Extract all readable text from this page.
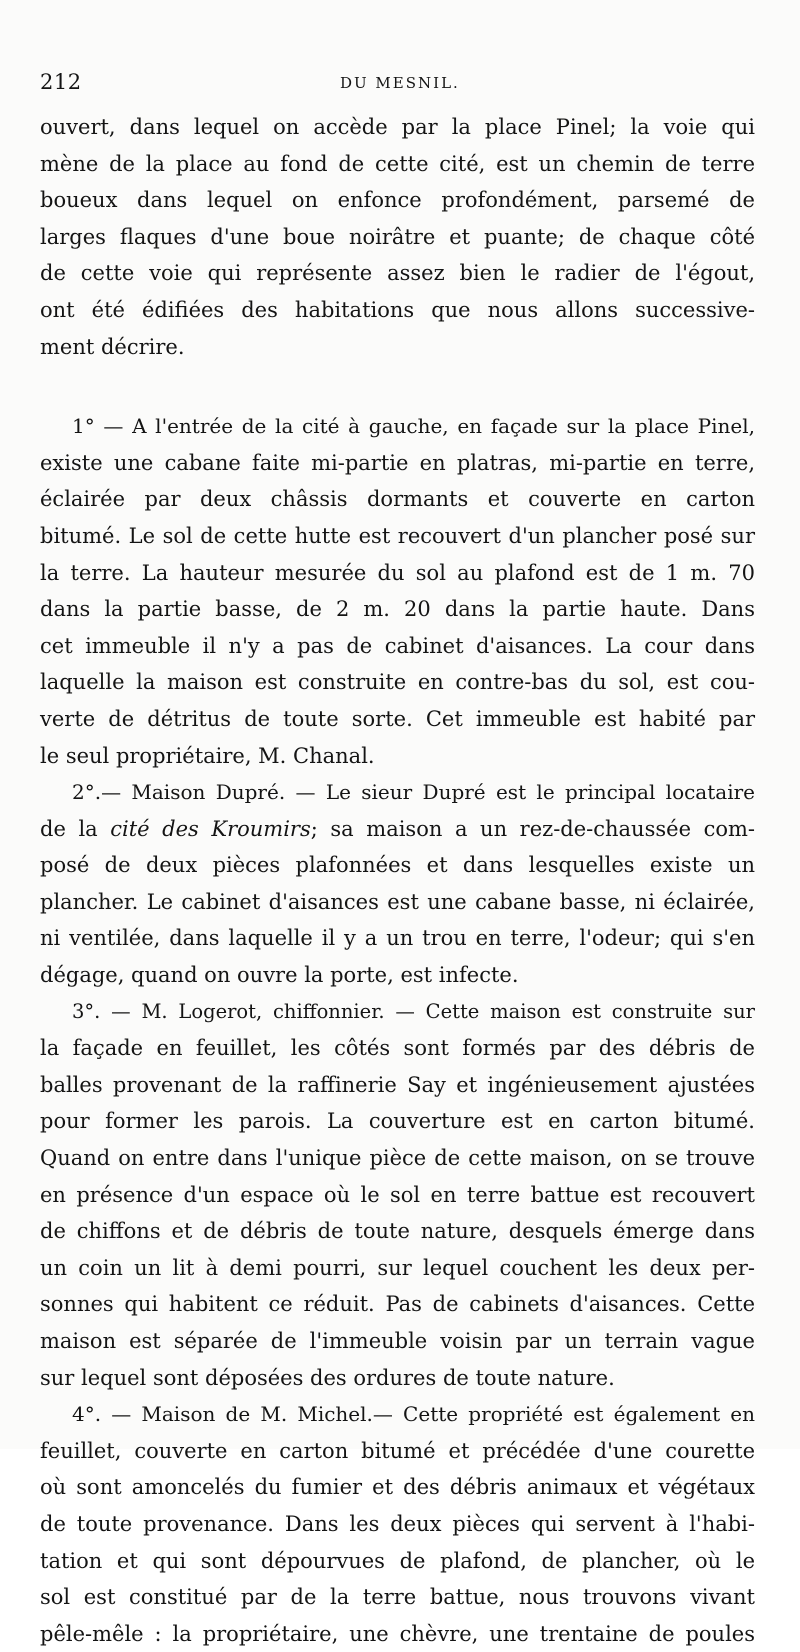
212	DU MESNIL.
ouvert, dans lequel on accède par la place Pinel; la voie qui
mène de la place au fond de cette cité, est un chemin de terre
boueux dans lequel on enfonce profondément, parsemé de
larges flaques d'une boue noirâtre et puante; de chaque côté
de cette voie qui représente assez bien le radier de l'égout,
ont été édifiées des habitations que nous allons successive-
ment décrire.
1° — A l'entrée de la cité à gauche, en façade sur la place Pinel,
existe une cabane faite mi-partie en platras, mi-partie en terre,
éclairée par deux châssis dormants et couverte en carton
bitumé. Le sol de cette hutte est recouvert d'un plancher posé sur
la terre. La hauteur mesurée du sol au plafond est de 1 m. 70
dans la partie basse, de 2 m. 20 dans la partie haute. Dans
cet immeuble il n'y a pas de cabinet d'aisances. La cour dans
laquelle la maison est construite en contre-bas du sol, est cou-
verte de détritus de toute sorte. Cet immeuble est habité par
le seul propriétaire, M. Chanal.
2°.— Maison Dupré. — Le sieur Dupré est le principal locataire
de la cité des Kroumirs; sa maison a un rez-de-chaussée com-
posé de deux pièces plafonnées et dans lesquelles existe un
plancher. Le cabinet d'aisances est une cabane basse, ni éclairée,
ni ventilée, dans laquelle il y a un trou en terre, l'odeur; qui s'en
dégage, quand on ouvre la porte, est infecte.
3°. — M. Logerot, chiffonnier. — Cette maison est construite sur
la façade en feuillet, les côtés sont formés par des débris de
balles provenant de la raffinerie Say et ingénieusement ajustées
pour former les parois. La couverture est en carton bitumé.
Quand on entre dans l'unique pièce de cette maison, on se trouve
en présence d'un espace où le sol en terre battue est recouvert
de chiffons et de débris de toute nature, desquels émerge dans
un coin un lit à demi pourri, sur lequel couchent les deux per-
sonnes qui habitent ce réduit. Pas de cabinets d'aisances. Cette
maison est séparée de l'immeuble voisin par un terrain vague
sur lequel sont déposées des ordures de toute nature.
4°. — Maison de M. Michel.— Cette propriété est également en
feuillet, couverte en carton bitumé et précédée d'une courette
où sont amoncelés du fumier et des débris animaux et végétaux
de toute provenance. Dans les deux pièces qui servent à l'habi-
tation et qui sont dépourvues de plafond, de plancher, où le
sol est constitué par de la terre battue, nous trouvons vivant
pêle-mêle : la propriétaire, une chèvre, une trentaine de poules
